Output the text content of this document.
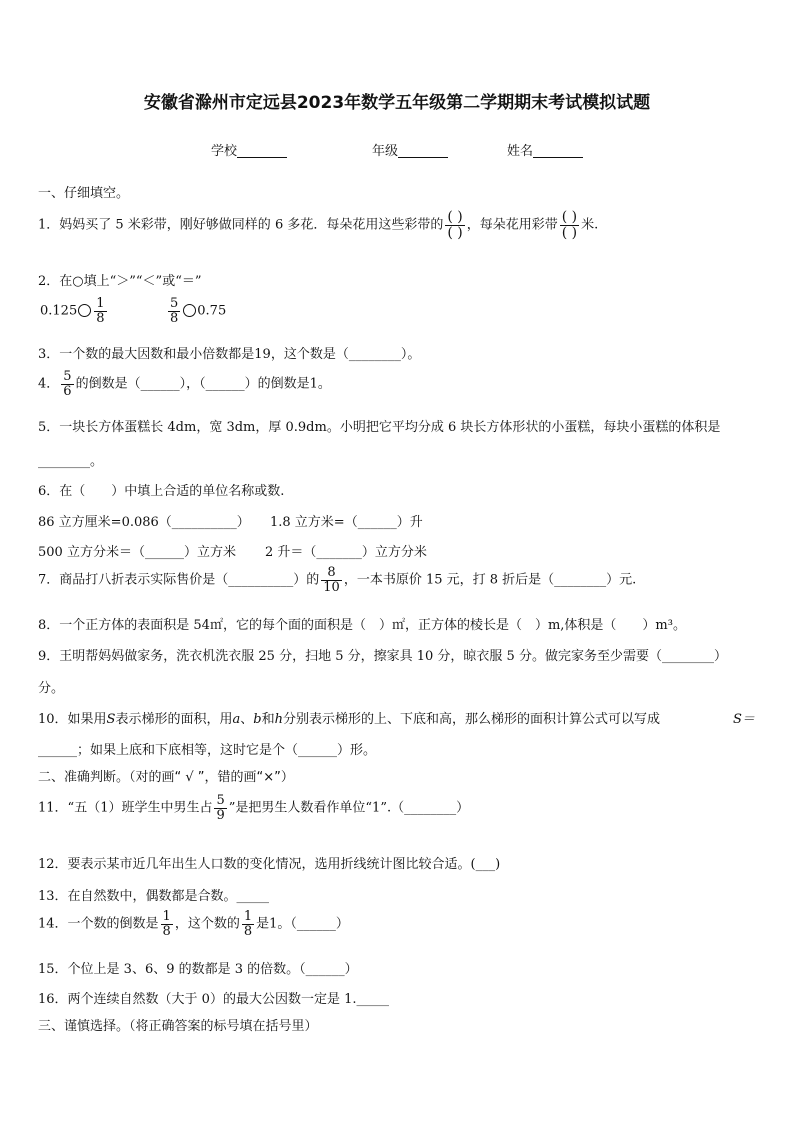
安徽省滁州市定远县2023年数学五年级第二学期期末考试模拟试题
学校	年级	姓名
一、仔细填空。
1．妈妈买了 5 米彩带，刚好够做同样的 6 多花．每朵花用这些彩带的 $\frac{( )}{( )}$ ，每朵花用彩带 $\frac{( )}{( )}$ 米.
2．在○填上“＞”“＜”或“＝”
$0.125 \frac{1}{8}$	$\frac{5}{8} 0.75$
3．一个数的最大因数和最小倍数都是19，这个数是（________）。
4． $\frac{5}{6}$ 的倒数是（______），（______）的倒数是1。
5．一块长方体蛋糕长 4dm，宽 3dm，厚 0.9dm。小明把它平均分成 6 块长方体形状的小蛋糕，每块小蛋糕的体积是
________。
6．在（　　）中填上合适的单位名称或数.
86 立方厘米=0.086（__________） 1.8 立方米=（______）升
500 立方分米＝（______）立方米 2 升＝（_______）立方分米
7．商品打八折表示实际售价是（__________）的 $\frac{8}{10}$ ，一本书原价 15 元，打 8 折后是（________）元.
8．一个正方体的表面积是 54㎡，它的每个面的面积是（　）㎡，正方体的棱长是（　）m,体积是（　　）m³。
9．王明帮妈妈做家务，洗衣机洗衣服 25 分，扫地 5 分，擦家具 10 分，晾衣服 5 分。做完家务至少需要（________）
分。
10．如果用S表示梯形的面积，用a、b和h分别表示梯形的上、下底和高，那么梯形的面积计算公式可以写成	S＝
______；如果上底和下底相等，这时它是个（______）形。
二、准确判断。（对的画“ √ ”，错的画“×”）
11．“五（1）班学生中男生占 $\frac{5}{9}$ ”是把男生人数看作单位“1”.（________）
12．要表示某市近几年出生人口数的变化情况，选用折线统计图比较合适。(___)
13．在自然数中，偶数都是合数。_____
14．一个数的倒数是 $\frac{1}{8}$ ，这个数的 $\frac{1}{8}$ 是1。（______）
15．个位上是 3、6、9 的数都是 3 的倍数。（______）
16．两个连续自然数（大于 0）的最大公因数一定是 1._____
三、谨慎选择。（将正确答案的标号填在括号里）
